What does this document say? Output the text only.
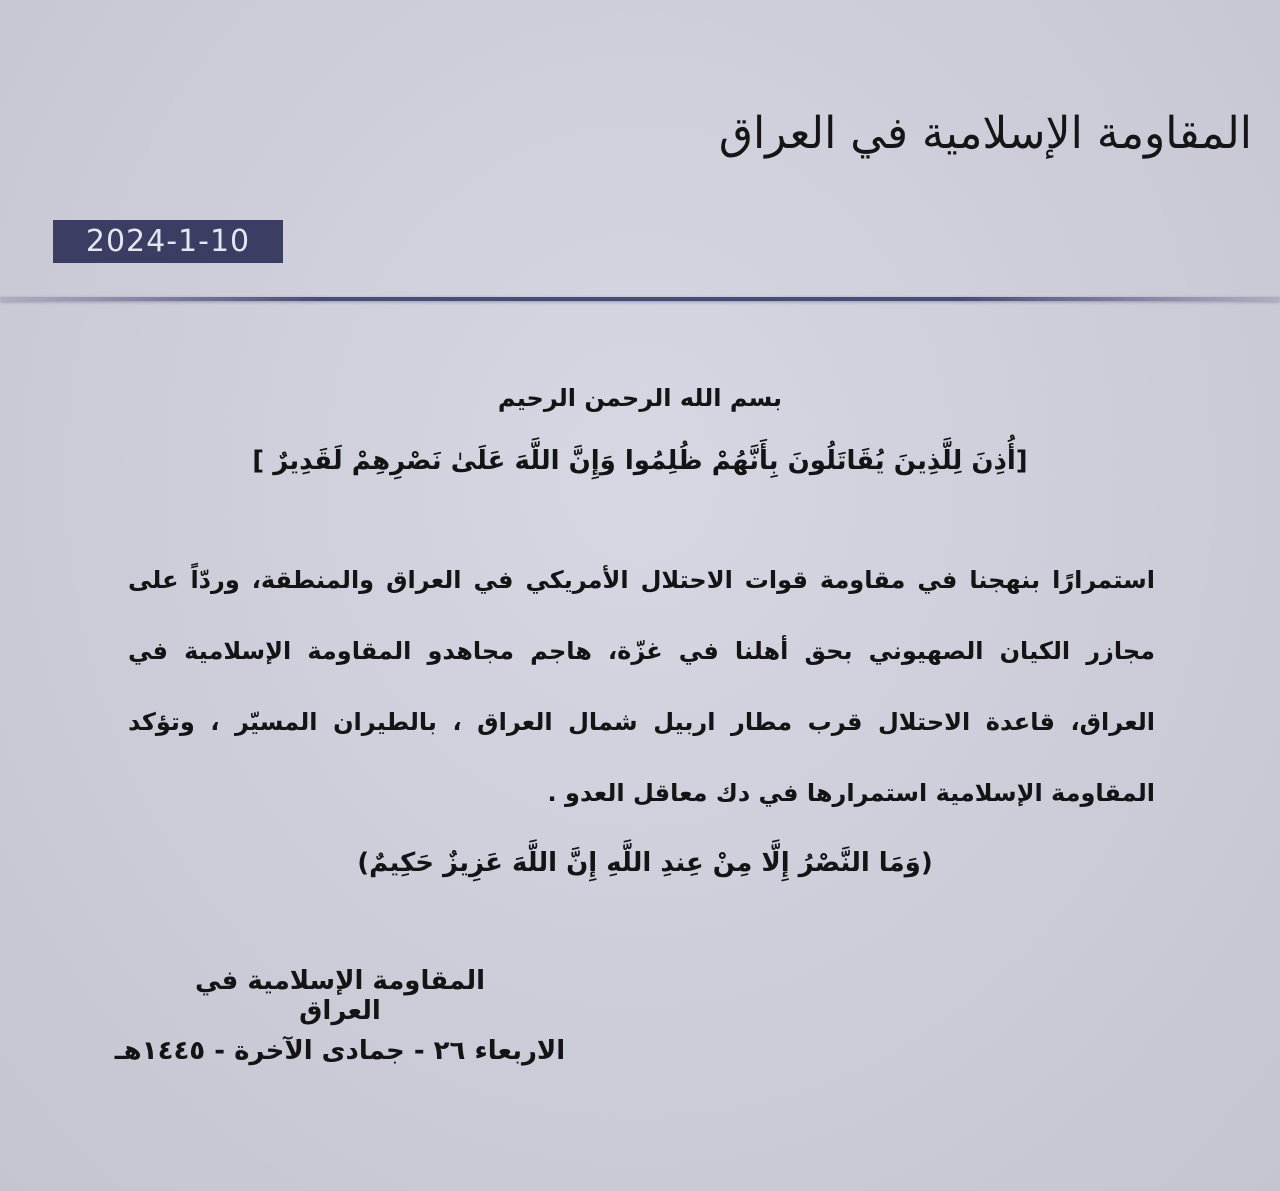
المقاومة الإسلامية في العراق
2024-1-10
بسم الله الرحمن الرحيم
[أُذِنَ لِلَّذِينَ يُقَاتَلُونَ بِأَنَّهُمْ ظُلِمُوا وَإِنَّ اللَّهَ عَلَىٰ نَصْرِهِمْ لَقَدِيرٌ ]
استمرارًا بنهجنا في مقاومة قوات الاحتلال الأمريكي في العراق والمنطقة، وردّاً على مجازر الكيان الصهيوني بحق أهلنا في غزّة، هاجم مجاهدو المقاومة الإسلامية في العراق، قاعدة الاحتلال قرب مطار اربيل شمال العراق ، بالطيران المسيّر ، وتؤكد المقاومة الإسلامية استمرارها في دك معاقل العدو .
(وَمَا النَّصْرُ إِلَّا مِنْ عِندِ اللَّهِ إِنَّ اللَّهَ عَزِيزٌ حَكِيمٌ)
المقاومة الإسلامية في العراق
الاربعاء ٢٦ - جمادى الآخرة - ١٤٤٥هـ
